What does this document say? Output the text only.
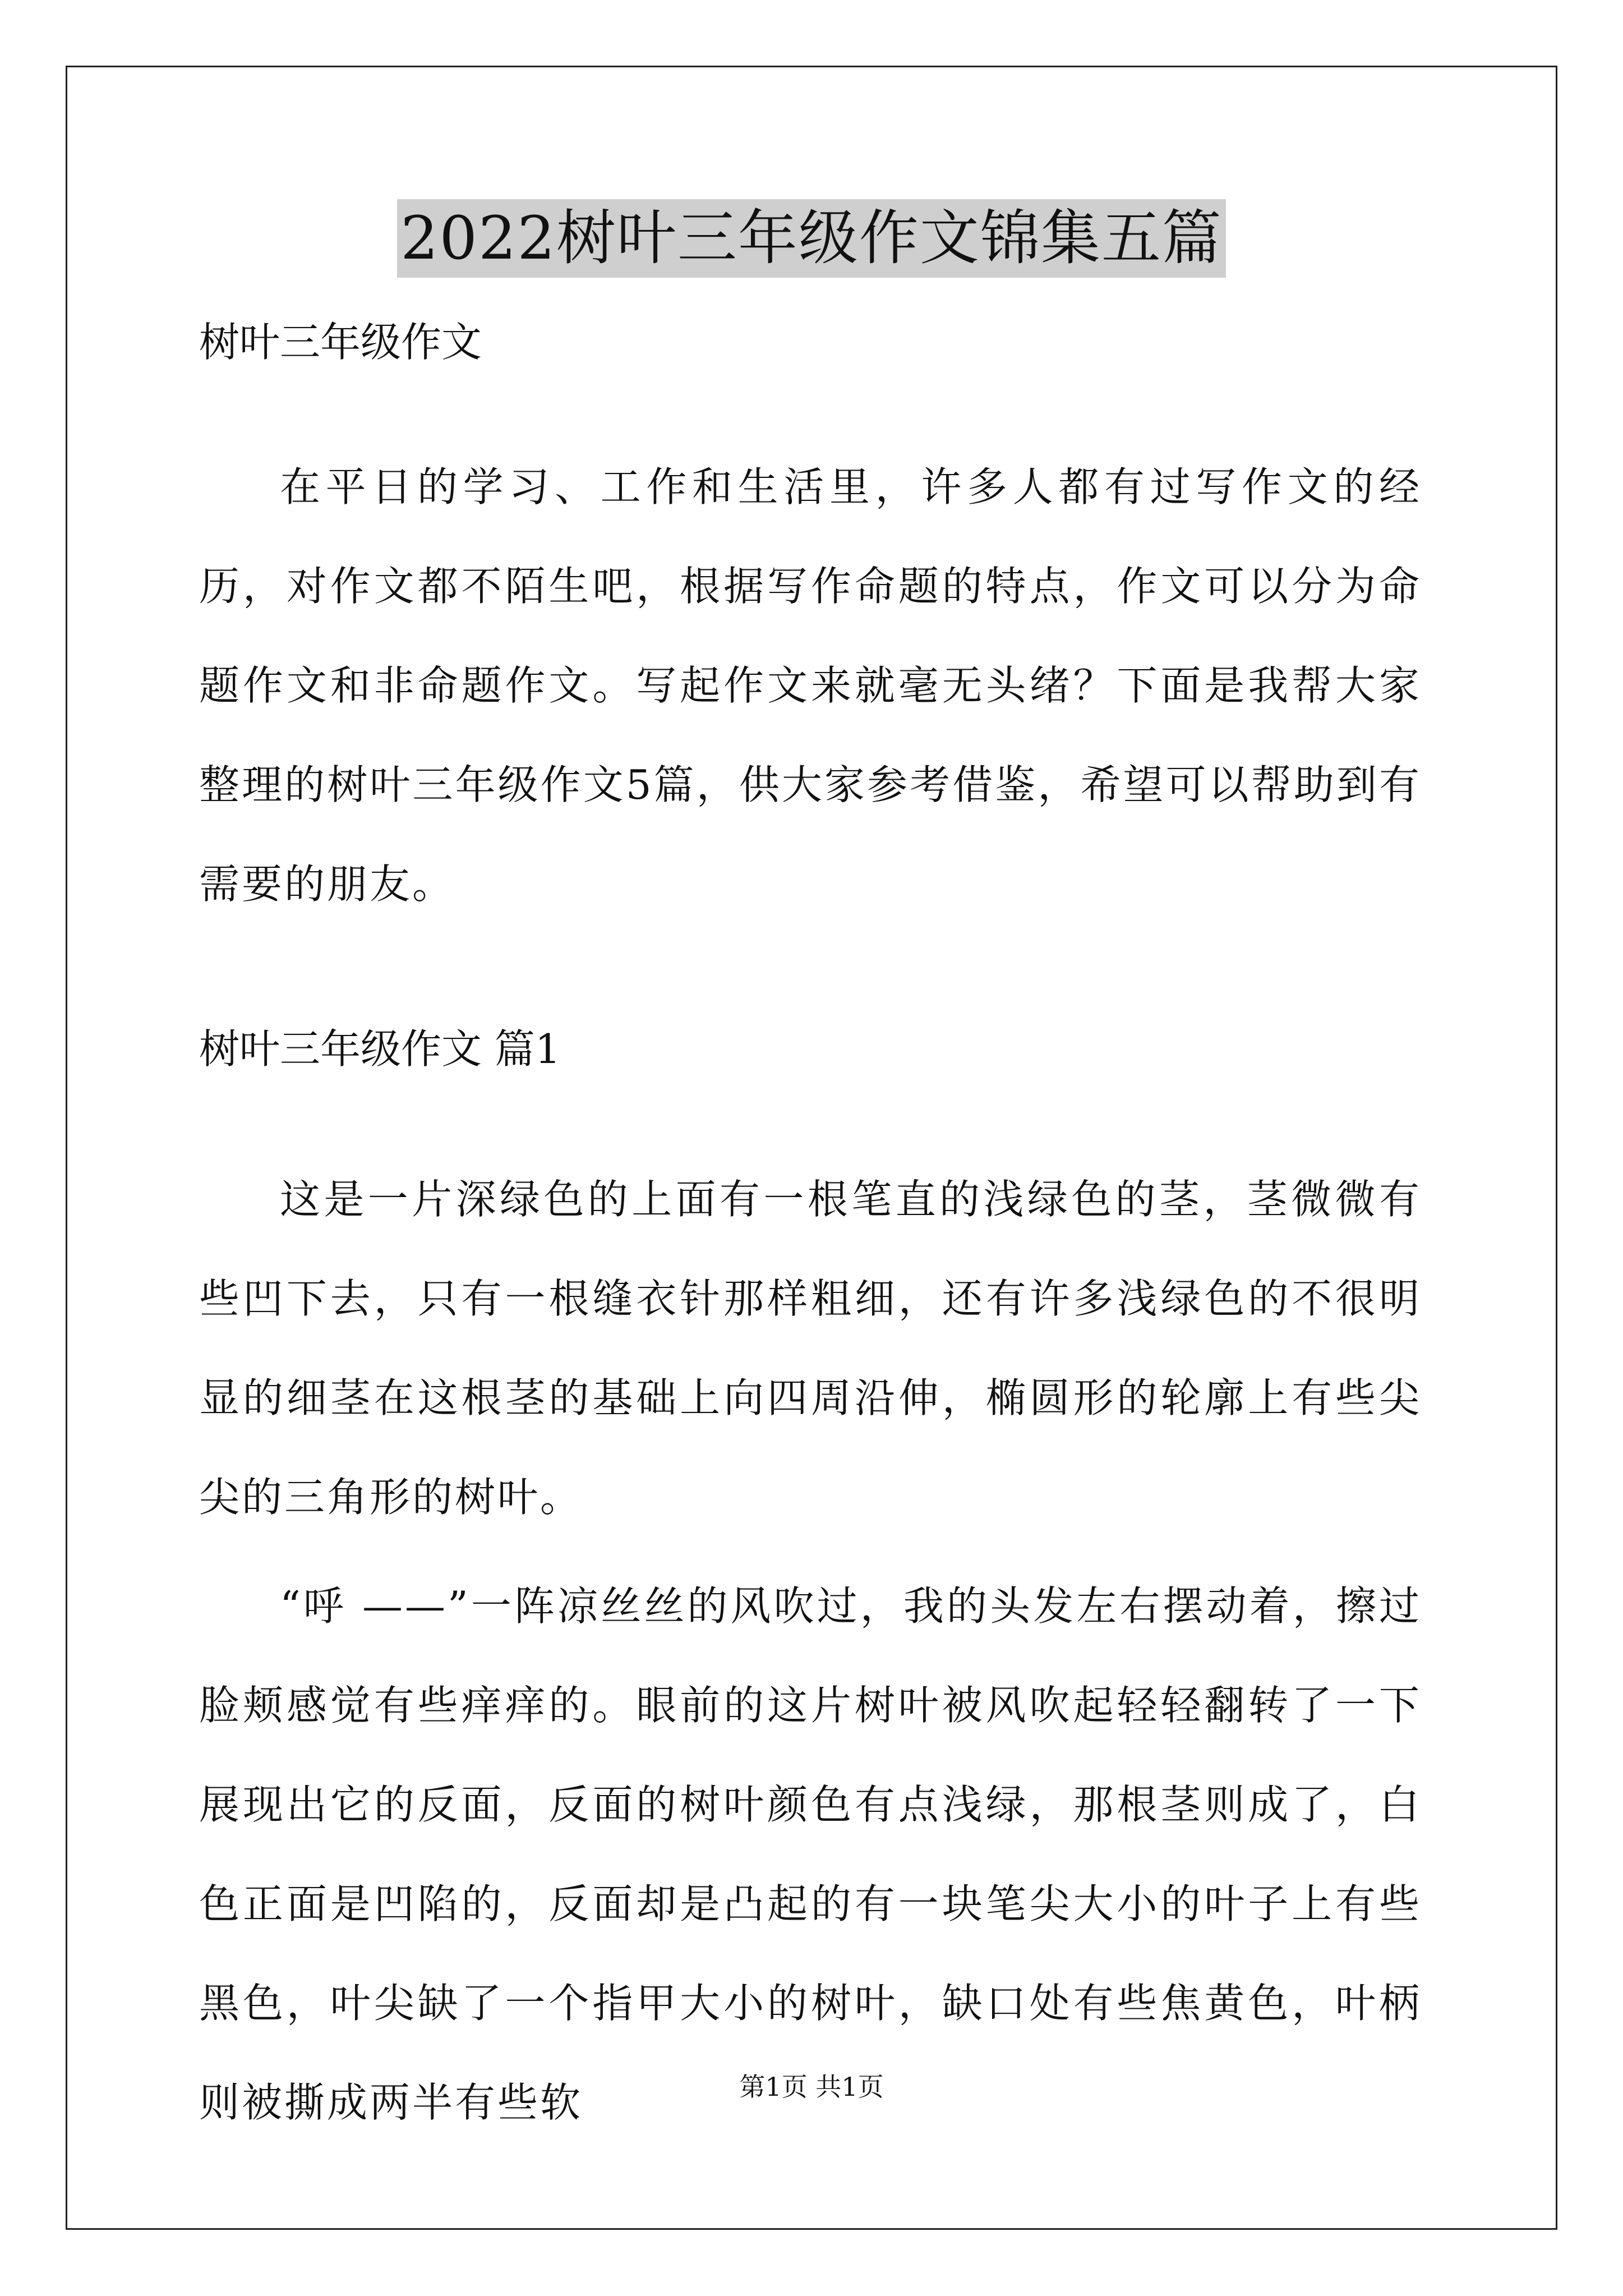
2022树叶三年级作文锦集五篇
树叶三年级作文
在平日的学习、工作和生活里，许多人都有过写作文的经历，对作文都不陌生吧，根据写作命题的特点，作文可以分为命题作文和非命题作文。写起作文来就毫无头绪？下面是我帮大家整理的树叶三年级作文5篇，供大家参考借鉴，希望可以帮助到有需要的朋友。
树叶三年级作文 篇1
这是一片深绿色的上面有一根笔直的浅绿色的茎，茎微微有些凹下去，只有一根缝衣针那样粗细，还有许多浅绿色的不很明显的细茎在这根茎的基础上向四周沿伸，椭圆形的轮廓上有些尖尖的三角形的树叶。
“呼 ——”一阵凉丝丝的风吹过，我的头发左右摆动着，擦过脸颊感觉有些痒痒的。眼前的这片树叶被风吹起轻轻翻转了一下展现出它的反面，反面的树叶颜色有点浅绿，那根茎则成了，白色正面是凹陷的，反面却是凸起的有一块笔尖大小的叶子上有些黑色，叶尖缺了一个指甲大小的树叶，缺口处有些焦黄色，叶柄则被撕成两半有些软	第1页 共1页
